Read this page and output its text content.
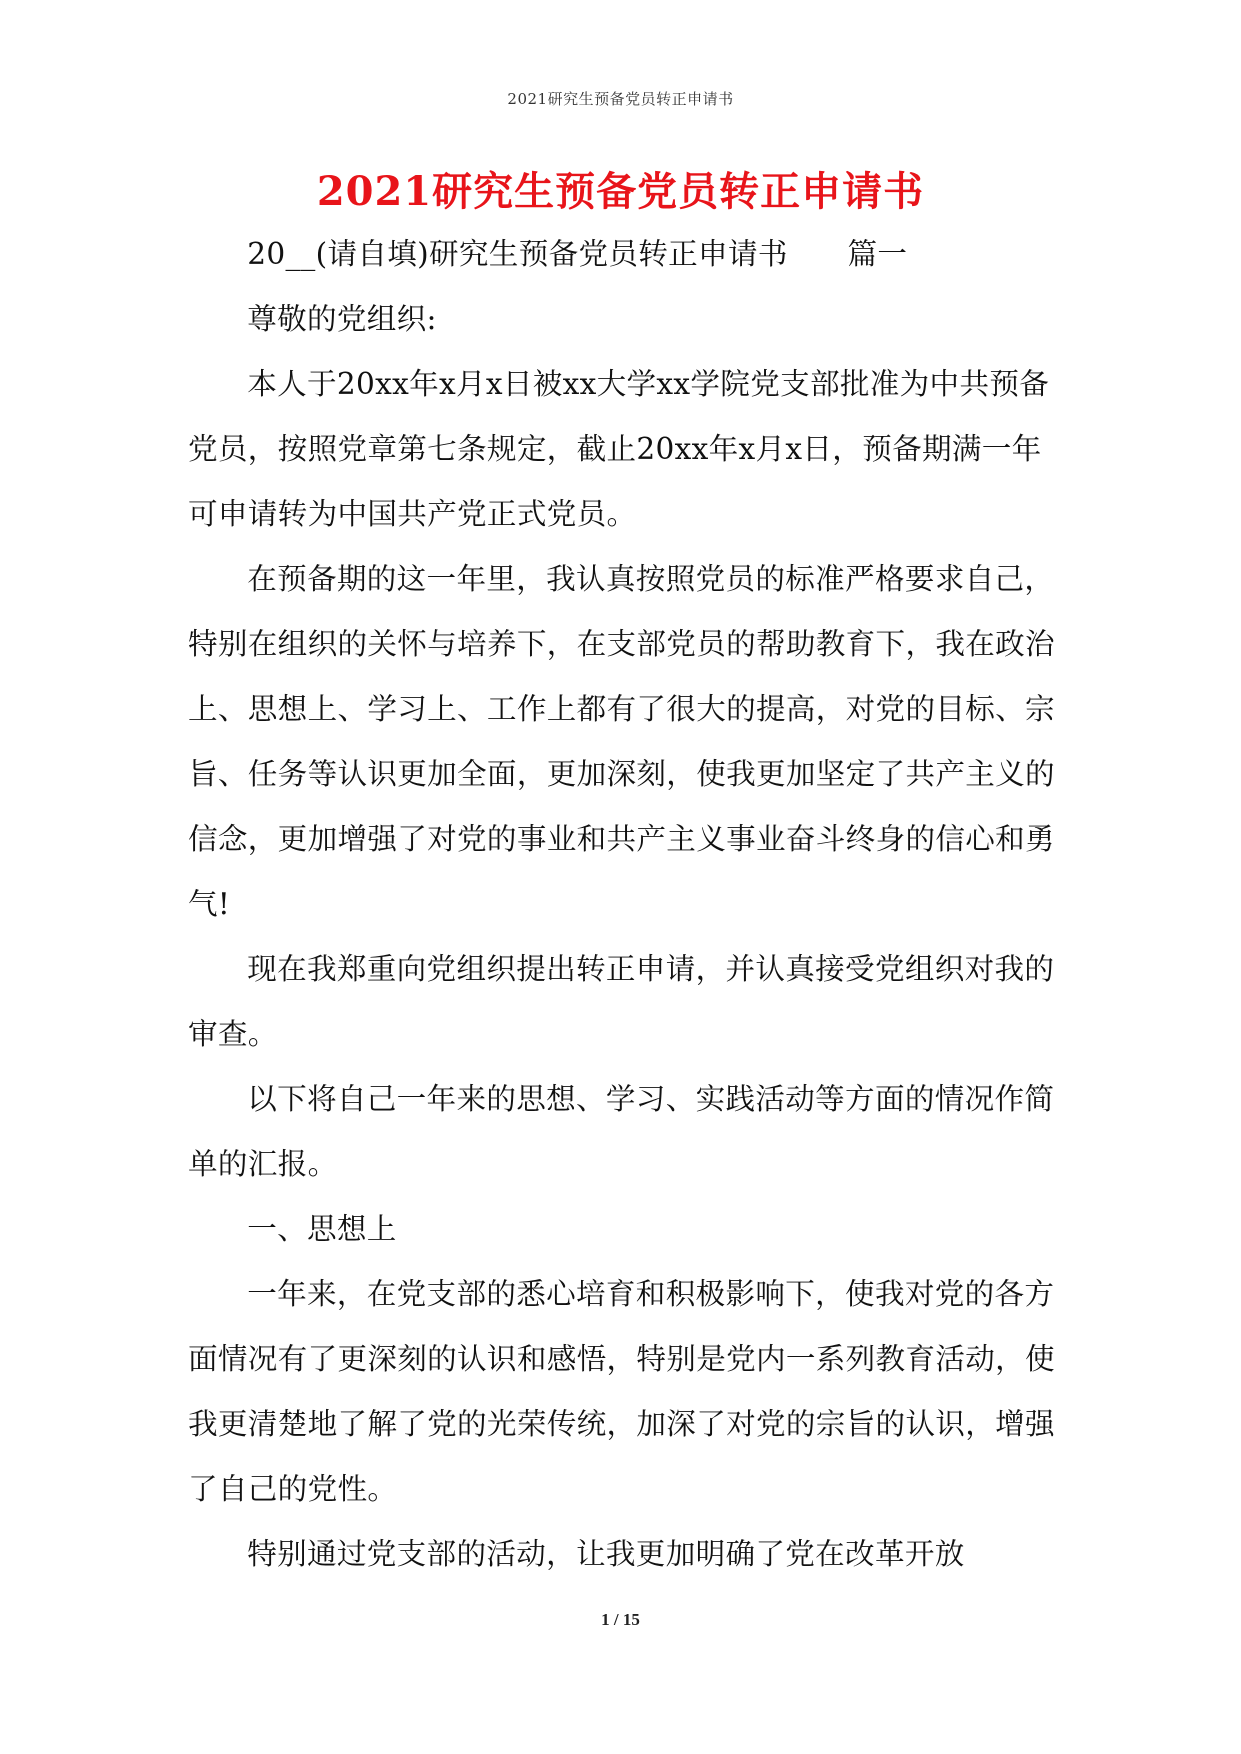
2021研究生预备党员转正申请书
2021研究生预备党员转正申请书

20__(请自填)研究生预备党员转正申请书　　篇一

尊敬的党组织:

本人于20xx年x月x日被xx大学xx学院党支部批准为中共预备党员，按照党章第七条规定，截止20xx年x月x日，预备期满一年可申请转为中国共产党正式党员。

在预备期的这一年里，我认真按照党员的标准严格要求自己，特别在组织的关怀与培养下，在支部党员的帮助教育下，我在政治上、思想上、学习上、工作上都有了很大的提高，对党的目标、宗旨、任务等认识更加全面，更加深刻，使我更加坚定了共产主义的信念，更加增强了对党的事业和共产主义事业奋斗终身的信心和勇气!

现在我郑重向党组织提出转正申请，并认真接受党组织对我的审查。

以下将自己一年来的思想、学习、实践活动等方面的情况作简单的汇报。

一、思想上

一年来，在党支部的悉心培育和积极影响下，使我对党的各方面情况有了更深刻的认识和感悟，特别是党内一系列教育活动，使我更清楚地了解了党的光荣传统，加深了对党的宗旨的认识，增强了自己的党性。

特别通过党支部的活动，让我更加明确了党在改革开放

1 / 15
